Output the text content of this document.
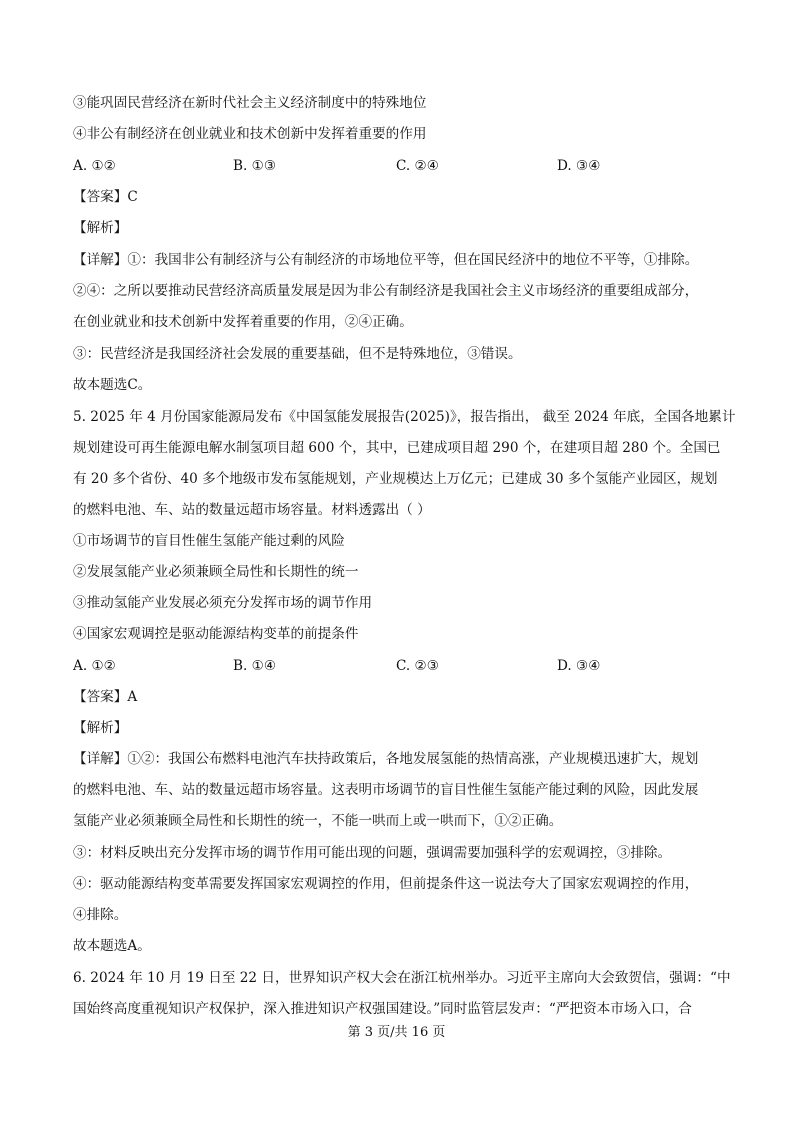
③能巩固民营经济在新时代社会主义经济制度中的特殊地位
④非公有制经济在创业就业和技术创新中发挥着重要的作用
A. ①②	B. ①③	C. ②④	D. ③④
【答案】C
【解析】
【详解】①：我国非公有制经济与公有制经济的市场地位平等，但在国民经济中的地位不平等，①排除。
②④：之所以要推动民营经济高质量发展是因为非公有制经济是我国社会主义市场经济的重要组成部分，
在创业就业和技术创新中发挥着重要的作用，②④正确。
③：民营经济是我国经济社会发展的重要基础，但不是特殊地位，③错误。
故本题选C。
5. 2025 年 4 月份国家能源局发布《中国氢能发展报告(2025)》，报告指出， 截至 2024 年底，全国各地累计
规划建设可再生能源电解水制氢项目超 600 个，其中，已建成项目超 290 个，在建项目超 280 个。全国已
有 20 多个省份、40 多个地级市发布氢能规划，产业规模达上万亿元；已建成 30 多个氢能产业园区，规划
的燃料电池、车、站的数量远超市场容量。材料透露出（ ）
①市场调节的盲目性催生氢能产能过剩的风险
②发展氢能产业必须兼顾全局性和长期性的统一
③推动氢能产业发展必须充分发挥市场的调节作用
④国家宏观调控是驱动能源结构变革的前提条件
A. ①②	B. ①④	C. ②③	D. ③④
【答案】A
【解析】
【详解】①②：我国公布燃料电池汽车扶持政策后，各地发展氢能的热情高涨，产业规模迅速扩大，规划
的燃料电池、车、站的数量远超市场容量。这表明市场调节的盲目性催生氢能产能过剩的风险，因此发展
氢能产业必须兼顾全局性和长期性的统一，不能一哄而上或一哄而下，①②正确。
③：材料反映出充分发挥市场的调节作用可能出现的问题，强调需要加强科学的宏观调控，③排除。
④：驱动能源结构变革需要发挥国家宏观调控的作用，但前提条件这一说法夸大了国家宏观调控的作用，
④排除。
故本题选A。
6. 2024 年 10 月 19 日至 22 日，世界知识产权大会在浙江杭州举办。习近平主席向大会致贺信，强调：“中
国始终高度重视知识产权保护，深入推进知识产权强国建设。”同时监管层发声：“严把资本市场入口，合
第 3 页/共 16 页
